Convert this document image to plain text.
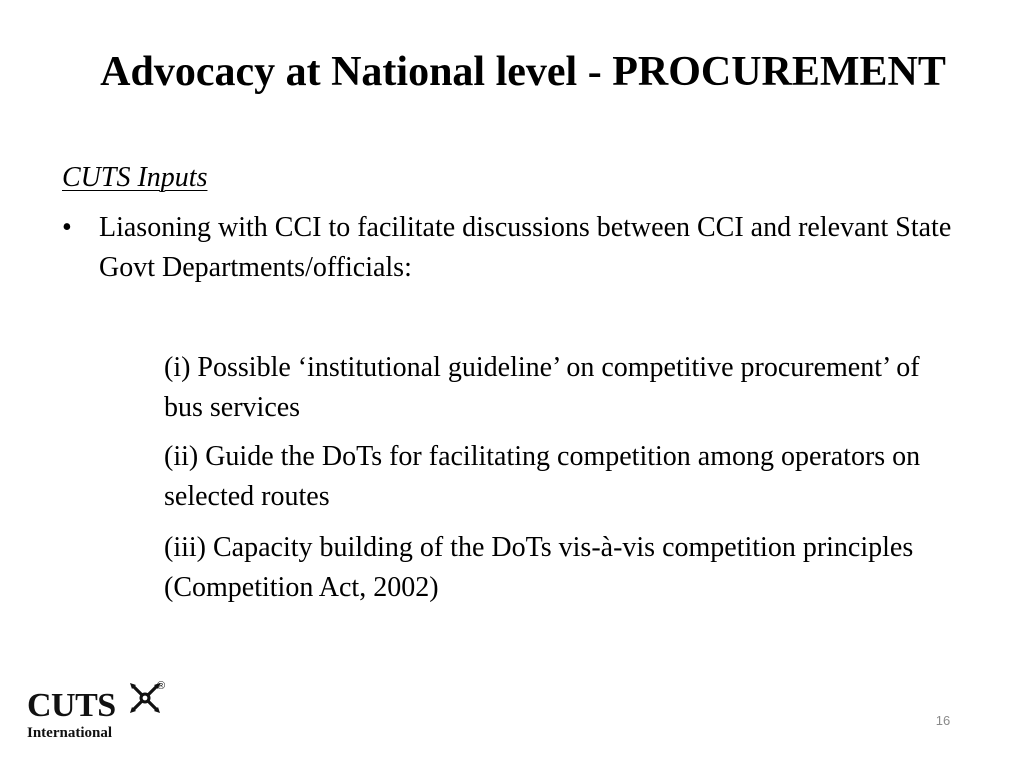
Advocacy at National level - PROCUREMENT
CUTS Inputs
• Liasoning with CCI to facilitate discussions between CCI and relevant State Govt Departments/officials:
(i) Possible ‘institutional guideline’ on competitive procurement’ of bus services
(ii) Guide the DoTs for facilitating competition among operators on selected routes
(iii) Capacity building of the DoTs vis-à-vis competition principles (Competition Act, 2002)
CUTS
®
International
16
